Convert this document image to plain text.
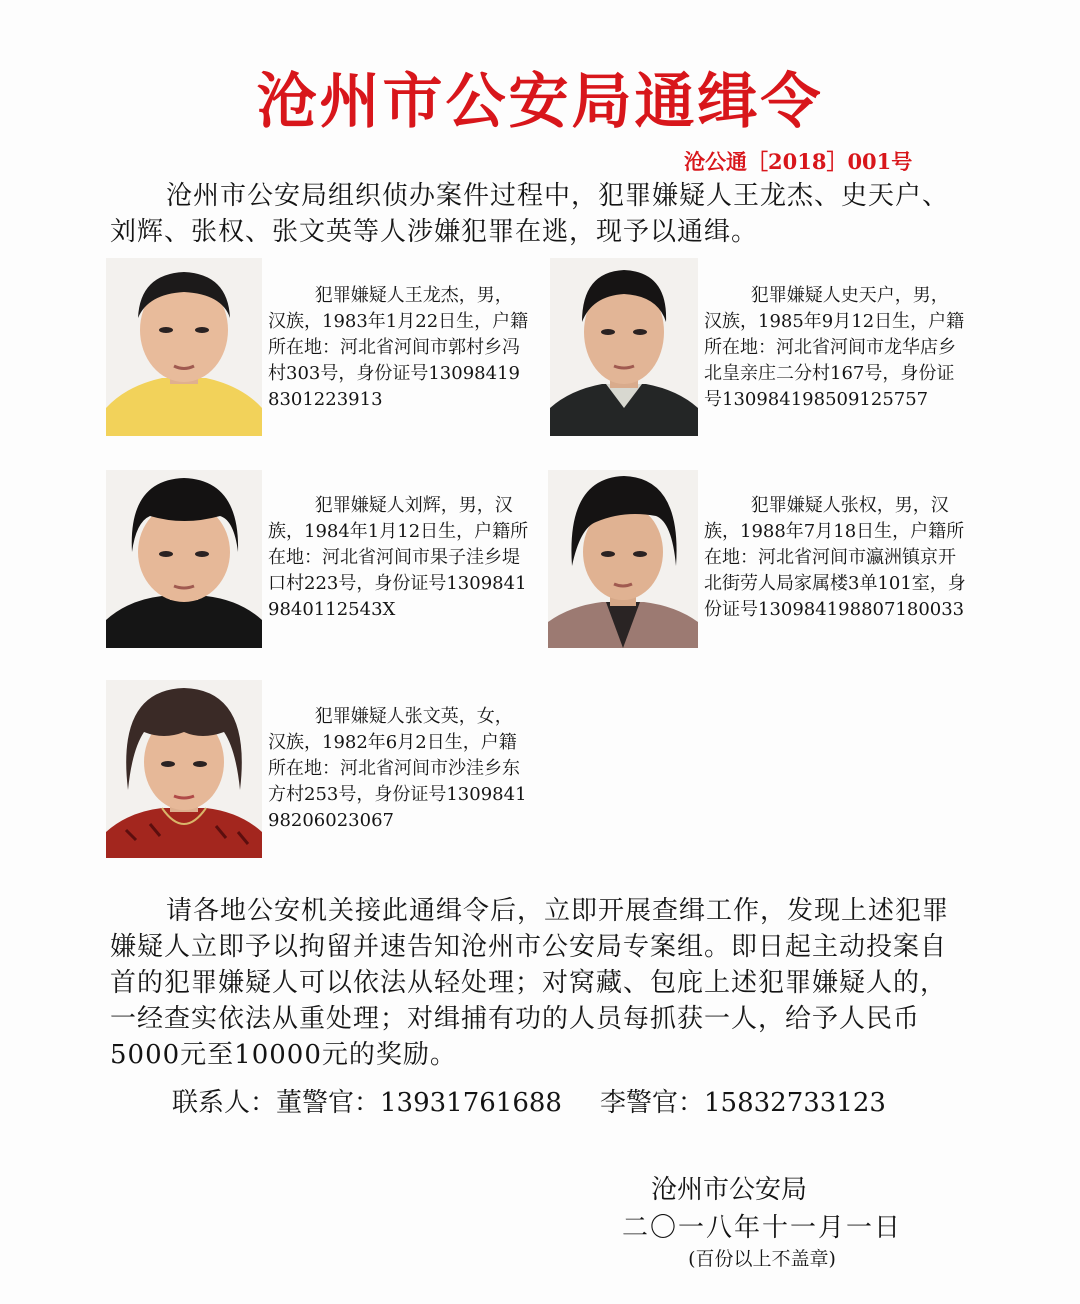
沧州市公安局通缉令
沧公通［2018］001号

沧州市公安局组织侦办案件过程中，犯罪嫌疑人王龙杰、史天户、刘辉、张权、张文英等人涉嫌犯罪在逃，现予以通缉。

犯罪嫌疑人王龙杰，男，汉族，1983年1月22日生，户籍所在地：河北省河间市郭村乡冯村303号，身份证号130984198301223913

犯罪嫌疑人史天户，男，汉族，1985年9月12日生，户籍所在地：河北省河间市龙华店乡北皇亲庄二分村167号，身份证号130984198509125757

犯罪嫌疑人刘辉，男，汉族，1984年1月12日生，户籍所在地：河北省河间市果子洼乡堤口村223号，身份证号13098419840112543X

犯罪嫌疑人张权，男，汉族，1988年7月18日生，户籍所在地：河北省河间市瀛洲镇京开北街劳人局家属楼3单101室，身份证号130984198807180033

犯罪嫌疑人张文英，女，汉族，1982年6月2日生，户籍所在地：河北省河间市沙洼乡东方村253号，身份证号130984198206023067

请各地公安机关接此通缉令后，立即开展查缉工作，发现上述犯罪嫌疑人立即予以拘留并速告知沧州市公安局专案组。即日起主动投案自首的犯罪嫌疑人可以依法从轻处理；对窝藏、包庇上述犯罪嫌疑人的，一经查实依法从重处理；对缉捕有功的人员每抓获一人，给予人民币5000元至10000元的奖励。

联系人：董警官：13931761688 李警官：15832733123

沧州市公安局

二〇一八年十一月一日

(百份以上不盖章)
